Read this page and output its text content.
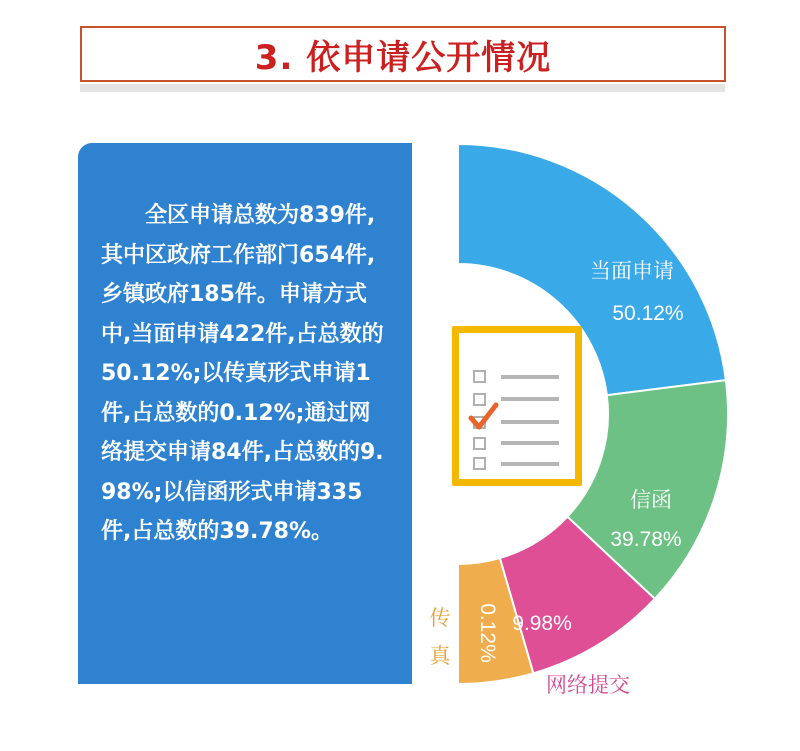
3. 依申请公开情况

全区申请总数为839件,其中区政府工作部门654件,乡镇政府185件。申请方式中,当面申请422件,占总数的50.12%;以传真形式申请1件,占总数的0.12%;通过网络提交申请84件,占总数的9.98%;以信函形式申请335件,占总数的39.78%。

当面申请
50.12%
信函
39.78%
9.98%
网络提交
0.12%
传
真
